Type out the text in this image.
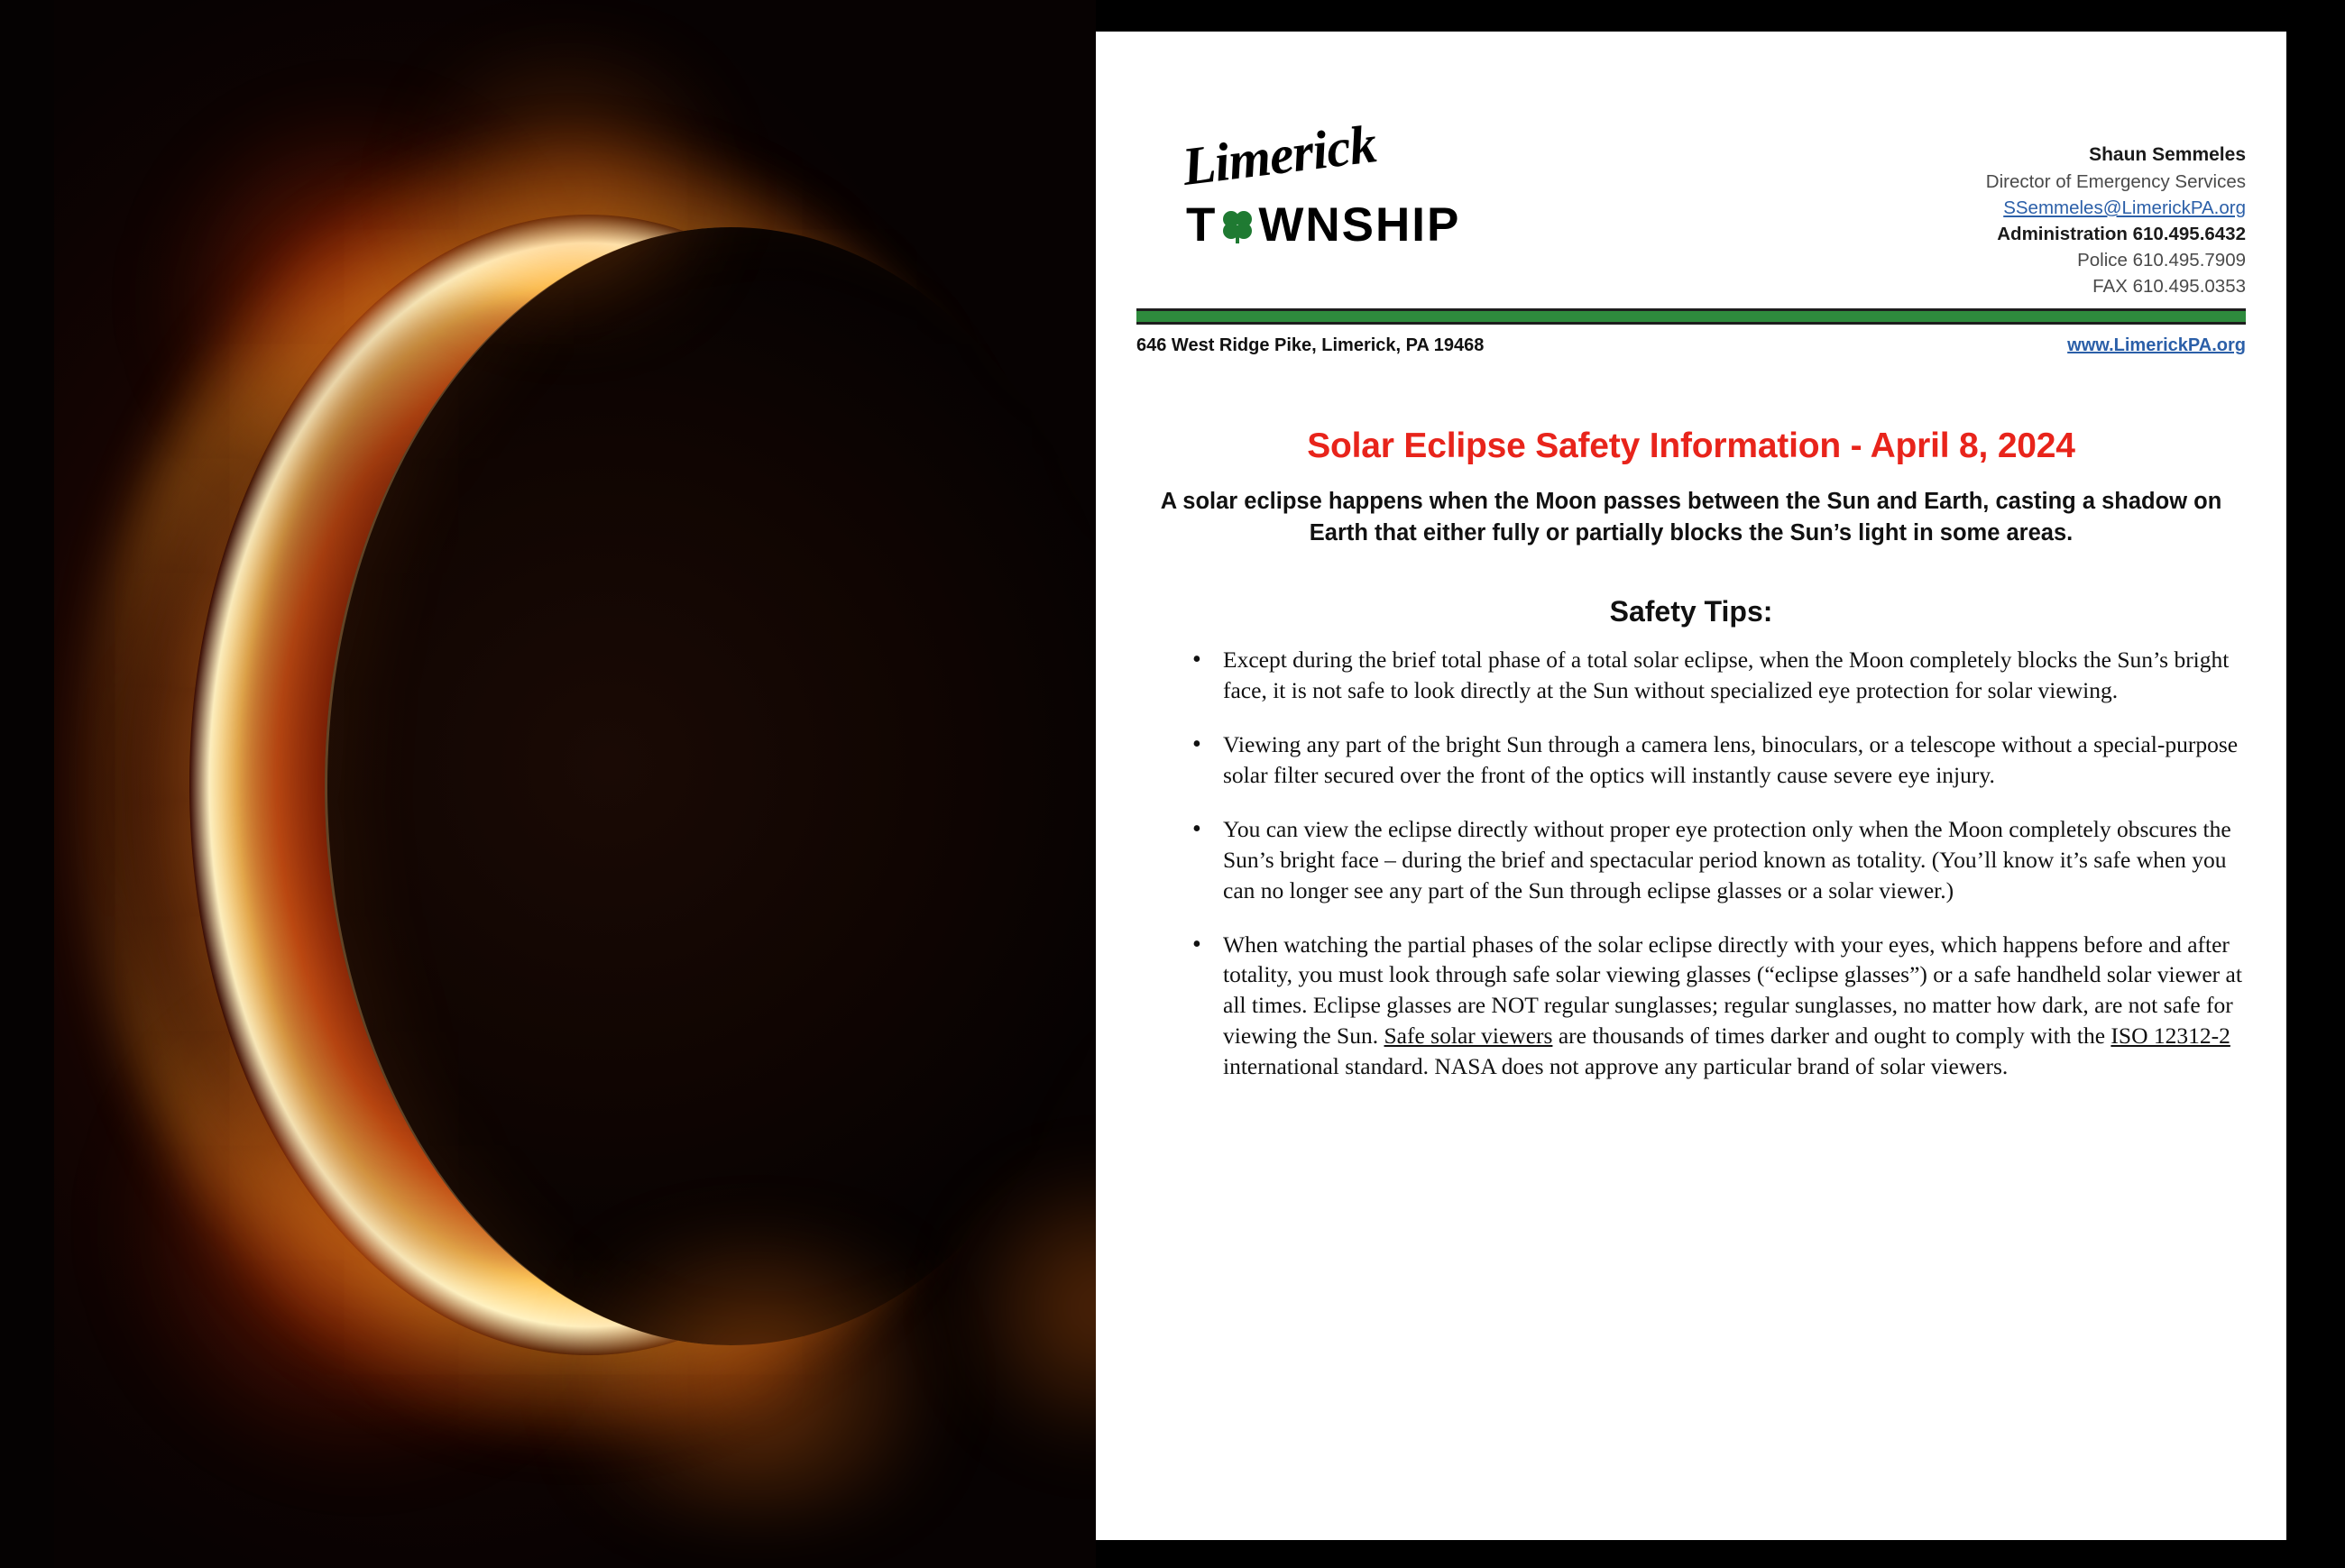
Limerick
T WNSHIP
Shaun Semmeles
Director of Emergency Services
SSemmeles@LimerickPA.org
Administration 610.495.6432
Police 610.495.7909
FAX 610.495.0353
646 West Ridge Pike, Limerick, PA 19468	www.LimerickPA.org
Solar Eclipse Safety Information - April 8, 2024
A solar eclipse happens when the Moon passes between the Sun and Earth, casting a shadow on Earth that either fully or partially blocks the Sun’s light in some areas.
Safety Tips:
• Except during the brief total phase of a total solar eclipse, when the Moon completely blocks the Sun’s bright face, it is not safe to look directly at the Sun without specialized eye protection for solar viewing.
• Viewing any part of the bright Sun through a camera lens, binoculars, or a telescope without a special-purpose solar filter secured over the front of the optics will instantly cause severe eye injury.
• You can view the eclipse directly without proper eye protection only when the Moon completely obscures the Sun’s bright face – during the brief and spectacular period known as totality. (You’ll know it’s safe when you can no longer see any part of the Sun through eclipse glasses or a solar viewer.)
• When watching the partial phases of the solar eclipse directly with your eyes, which happens before and after totality, you must look through safe solar viewing glasses (“eclipse glasses”) or a safe handheld solar viewer at all times. Eclipse glasses are NOT regular sunglasses; regular sunglasses, no matter how dark, are not safe for viewing the Sun. Safe solar viewers are thousands of times darker and ought to comply with the ISO 12312-2 international standard. NASA does not approve any particular brand of solar viewers.
